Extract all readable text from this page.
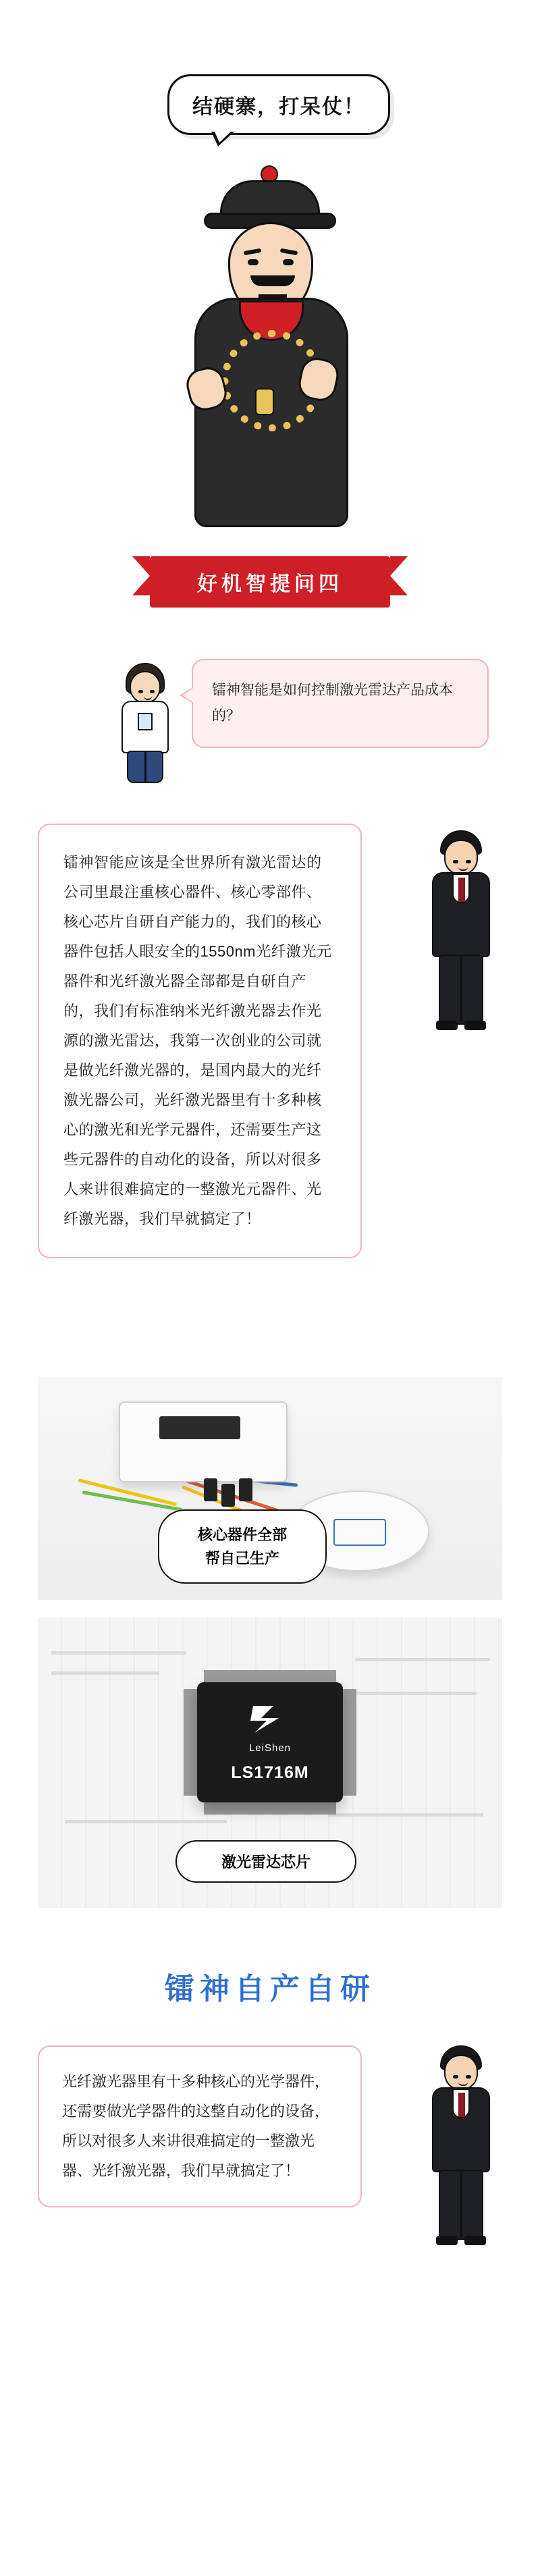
结硬寨，打呆仗！
好机智提问四
镭神智能是如何控制激光雷达产品成本的？
镭神智能应该是全世界所有激光雷达的公司里最注重核心器件、核心零部件、核心芯片自研自产能力的，我们的核心器件包括人眼安全的1550nm光纤激光元器件和光纤激光器全部都是自研自产的，我们有标准纳米光纤激光器去作光源的激光雷达，我第一次创业的公司就是做光纤激光器的，是国内最大的光纤激光器公司，光纤激光器里有十多种核心的激光和光学元器件，还需要生产这些元器件的自动化的设备，所以对很多人来讲很难搞定的一整激光元器件、光纤激光器，我们早就搞定了！
核心器件全部
帮自己生产
LeiShen
LS1716M
激光雷达芯片
镭神自产自研
光纤激光器里有十多种核心的光学器件，还需要做光学器件的这整自动化的设备，所以对很多人来讲很难搞定的一整激光器、光纤激光器，我们早就搞定了！
